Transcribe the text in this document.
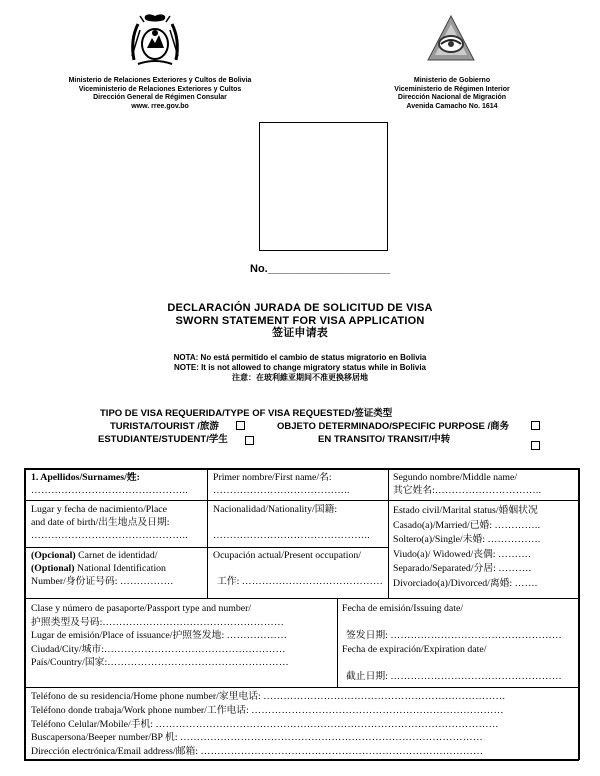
Ministerio de Relaciones Exteriores y Cultos de Bolivia
Viceministerio de Relaciones Exteriores y Cultos
Dirección General de Régimen Consular
www. rree.gov.bo
Ministerio de Gobierno
Viceministerio de Régimen Interior
Dirección Nacional de Migración
Avenida Camacho No. 1614
No.____________________
DECLARACIÓN JURADA DE SOLICITUD DE VISA
SWORN STATEMENT FOR VISA APPLICATION
签证申请表
NOTA: No está permitido el cambio de status migratorio en Bolivia
NOTE: It is not allowed to change migratory status while in Bolivia
注意：在玻利維亚期间不准更换移居地
TIPO DE VISA REQUERIDA/TYPE OF VISA REQUESTED/签证类型
TURISTA/TOURIST /旅游	OBJETO DETERMINADO/SPECIFIC PURPOSE /商务
ESTUDIANTE/STUDENT/学生	EN TRANSITO/ TRANSIT/中转
1. Apellidos/Surnames/姓:
………………………………………..
Primer nombre/First name/名:
…………………………………..
Segundo nombre/Middle name/
其它姓名:…………………………..
Lugar y fecha de nacimiento/Place
and date of birth/出生地点及日期:
………………………………………..
Nacionalidad/Nationality/国籍:

………………………………………..
Estado civil/Marital status/婚姻状况
Casado(a)/Married/已婚: …………..
Soltero(a)/Single/未婚: …………….
Viudo(a)/ Widowed/丧偶: ……….
Separado/Separated/分居: ……….
Divorciado(a)/Divorced/离婚: …….
(Opcional) Carnet de identidad/
(Optional) National Identification
Number/身份证号码: …………….
Ocupación actual/Present occupation/

工作: ……………………………………
Clase y número de pasaporte/Passport type and number/
护照类型及号码:………………………………………………
Lugar de emisión/Place of issuance/护照签发地: ………………
Ciudad/City/城市:………………………………………………
País/Country/国家:………………………………………………
Fecha de emisión/Issuing date/

签发日期: ……………………………………………
Fecha de expiración/Expiration date/

截止日期: ……………………………………………
Teléfono de su residencia/Home phone number/家里电话: ………………………………………………………………
Teléfono donde trabaja/Work phone number/工作电话: …………………………………………………………………
Teléfono Celular/Mobile/手机: …………………………………………………………………………………………
Buscapersona/Beeper number/BP 机: ………………………………………………………………………………
Dirección electrónica/Email address/邮箱: …………………………………………………………………………
